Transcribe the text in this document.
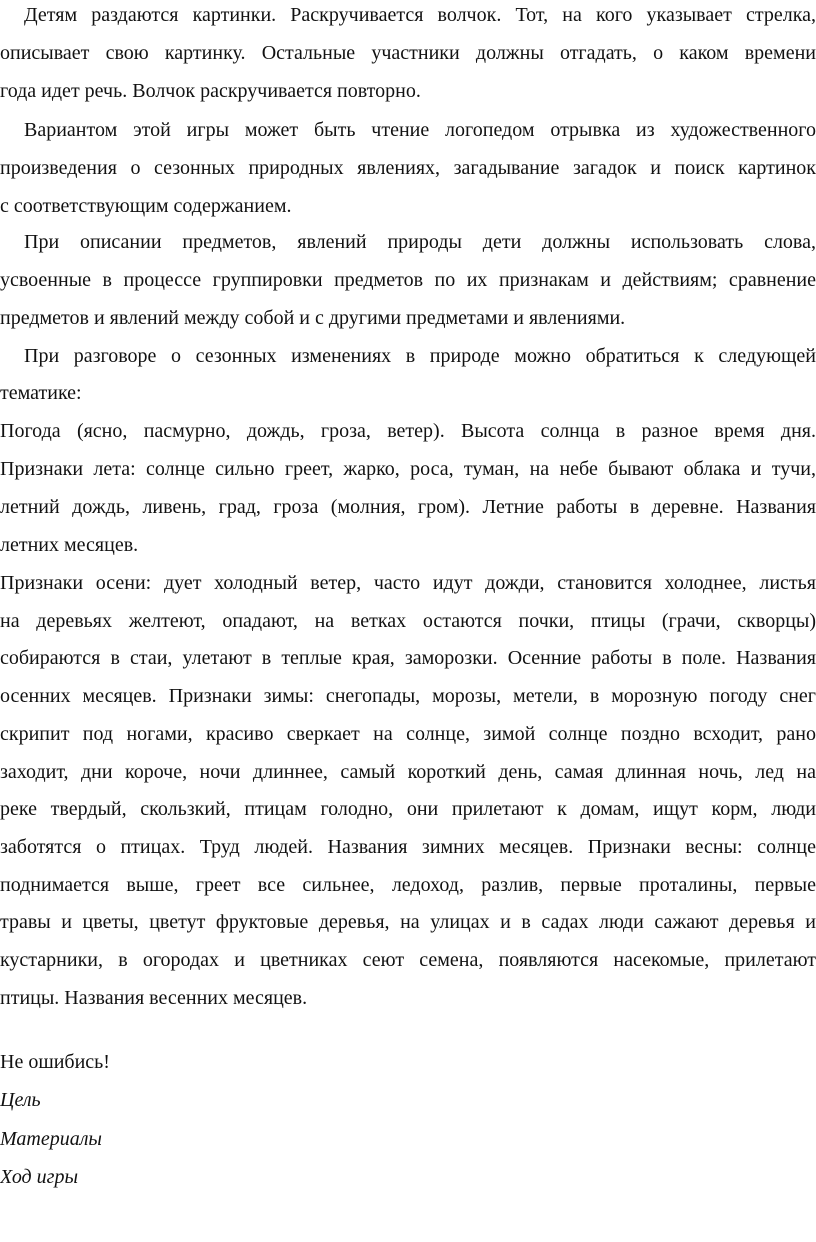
Детям раздаются картинки. Раскручивается волчок. Тот, на кого указывает стрелка,
описывает свою картинку. Остальные участники должны отгадать, о каком времени
года идет речь. Волчок раскручивается повторно.
Вариантом этой игры может быть чтение логопедом отрывка из художественного
произведения о сезонных природных явлениях, загадывание загадок и поиск картинок
с соответствующим содержанием.
При описании предметов, явлений природы дети должны использовать слова,
усвоенные в процессе группировки предметов по их признакам и действиям; сравнение
предметов и явлений между собой и с другими предметами и явлениями.
При разговоре о сезонных изменениях в природе можно обратиться к следующей
тематике:
Погода (ясно, пасмурно, дождь, гроза, ветер). Высота солнца в разное время дня.
Признаки лета: солнце сильно греет, жарко, роса, туман, на небе бывают облака и тучи,
летний дождь, ливень, град, гроза (молния, гром). Летние работы в деревне. Названия
летних месяцев.
Признаки осени: дует холодный ветер, часто идут дожди, становится холоднее, листья
на деревьях желтеют, опадают, на ветках остаются почки, птицы (грачи, скворцы)
собираются в стаи, улетают в теплые края, заморозки. Осенние работы в поле. Названия
осенних месяцев. Признаки зимы: снегопады, морозы, метели, в морозную погоду снег
скрипит под ногами, красиво сверкает на солнце, зимой солнце поздно всходит, рано
заходит, дни короче, ночи длиннее, самый короткий день, самая длинная ночь, лед на
реке твердый, скользкий, птицам голодно, они прилетают к домам, ищут корм, люди
заботятся о птицах. Труд людей. Названия зимних месяцев. Признаки весны: солнце
поднимается выше, греет все сильнее, ледоход, разлив, первые проталины, первые
травы и цветы, цветут фруктовые деревья, на улицах и в садах люди сажают деревья и
кустарники, в огородах и цветниках сеют семена, появляются насекомые, прилетают
птицы. Названия весенних месяцев.
Не ошибись!
Цель
Материалы
Ход игры
